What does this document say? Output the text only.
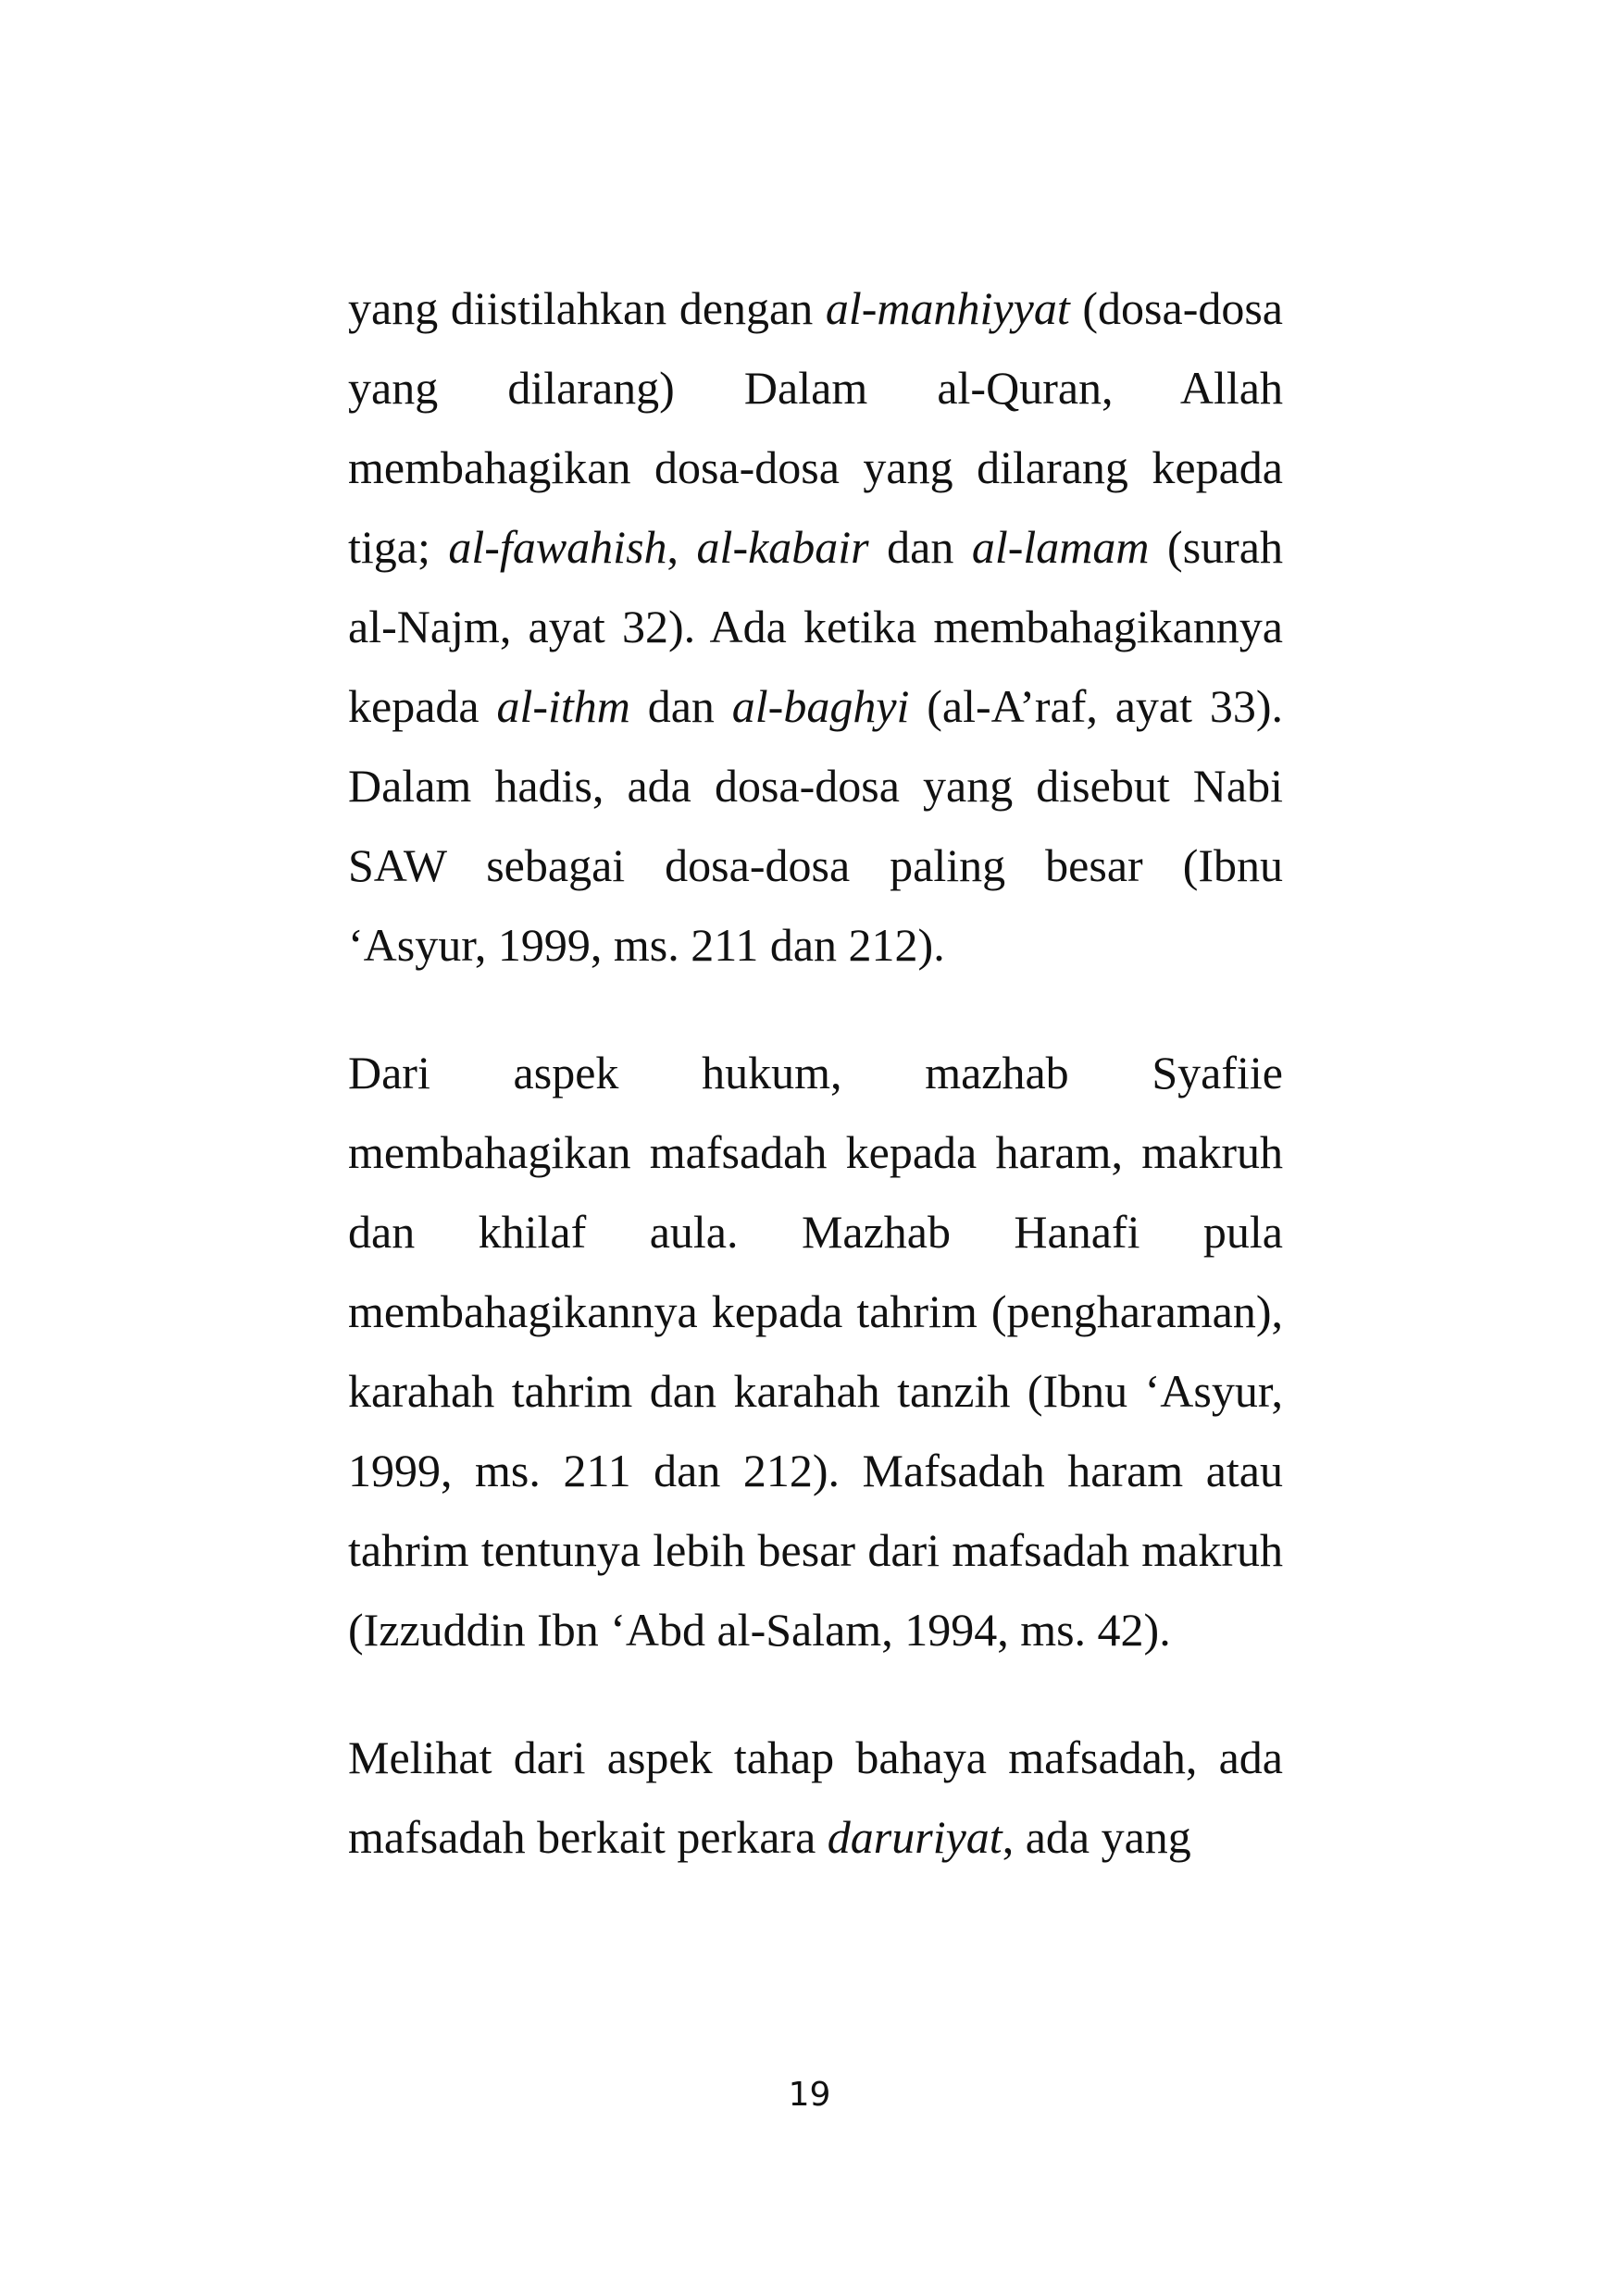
yang diistilahkan dengan al-manhiyyat (dosa-dosa yang dilarang) Dalam al-Quran, Allah membahagikan dosa-dosa yang dilarang kepada tiga; al-fawahish, al-kabair dan al-lamam (surah al-Najm, ayat 32). Ada ketika membahagikannya kepada al-ithm dan al-baghyi (al-A’raf, ayat 33). Dalam hadis, ada dosa-dosa yang disebut Nabi SAW sebagai dosa-dosa paling besar (Ibnu ‘Asyur, 1999, ms. 211 dan 212).

Dari aspek hukum, mazhab Syafiie membahagikan mafsadah kepada haram, makruh dan khilaf aula. Mazhab Hanafi pula membahagikannya kepada tahrim (pengharaman), karahah tahrim dan karahah tanzih (Ibnu ‘Asyur, 1999, ms. 211 dan 212). Mafsadah haram atau tahrim tentunya lebih besar dari mafsadah makruh (Izzuddin Ibn ‘Abd al-Salam, 1994, ms. 42).

Melihat dari aspek tahap bahaya mafsadah, ada mafsadah berkait perkara daruriyat, ada yang

19
